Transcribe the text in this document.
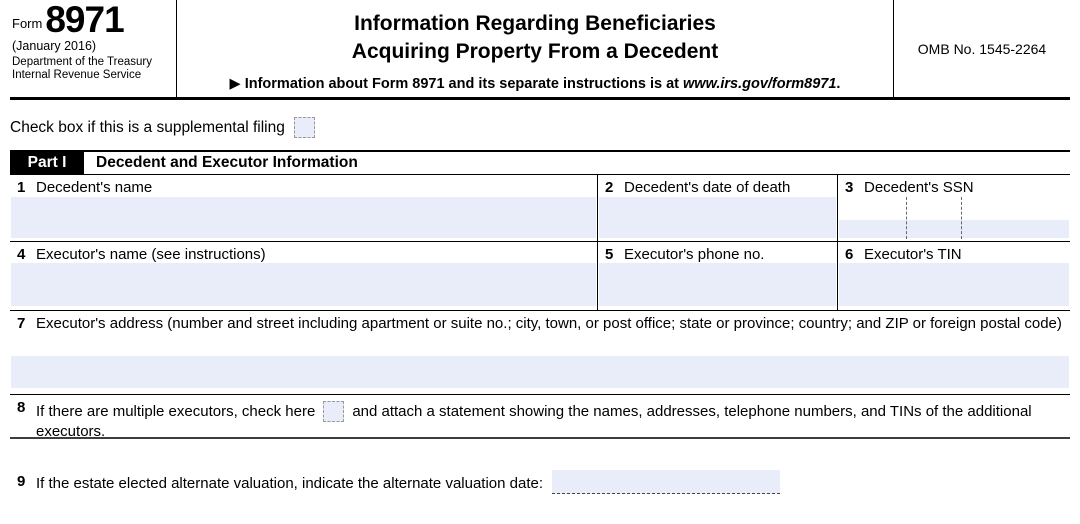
Form 8971
(January 2016)
Department of the Treasury
Internal Revenue Service
Information Regarding Beneficiaries
Acquiring Property From a Decedent
▶ Information about Form 8971 and its separate instructions is at www.irs.gov/form8971.
OMB No. 1545-2264
Check box if this is a supplemental filing
Part I	Decedent and Executor Information
1 Decedent's name	2 Decedent's date of death	3 Decedent's SSN
4 Executor's name (see instructions)	5 Executor's phone no.	6 Executor's TIN
7 Executor's address (number and street including apartment or suite no.; city, town, or post office; state or province; country; and ZIP or foreign postal code)
8 If there are multiple executors, check here and attach a statement showing the names, addresses, telephone numbers, and TINs of the additional executors.
9 If the estate elected alternate valuation, indicate the alternate valuation date:
